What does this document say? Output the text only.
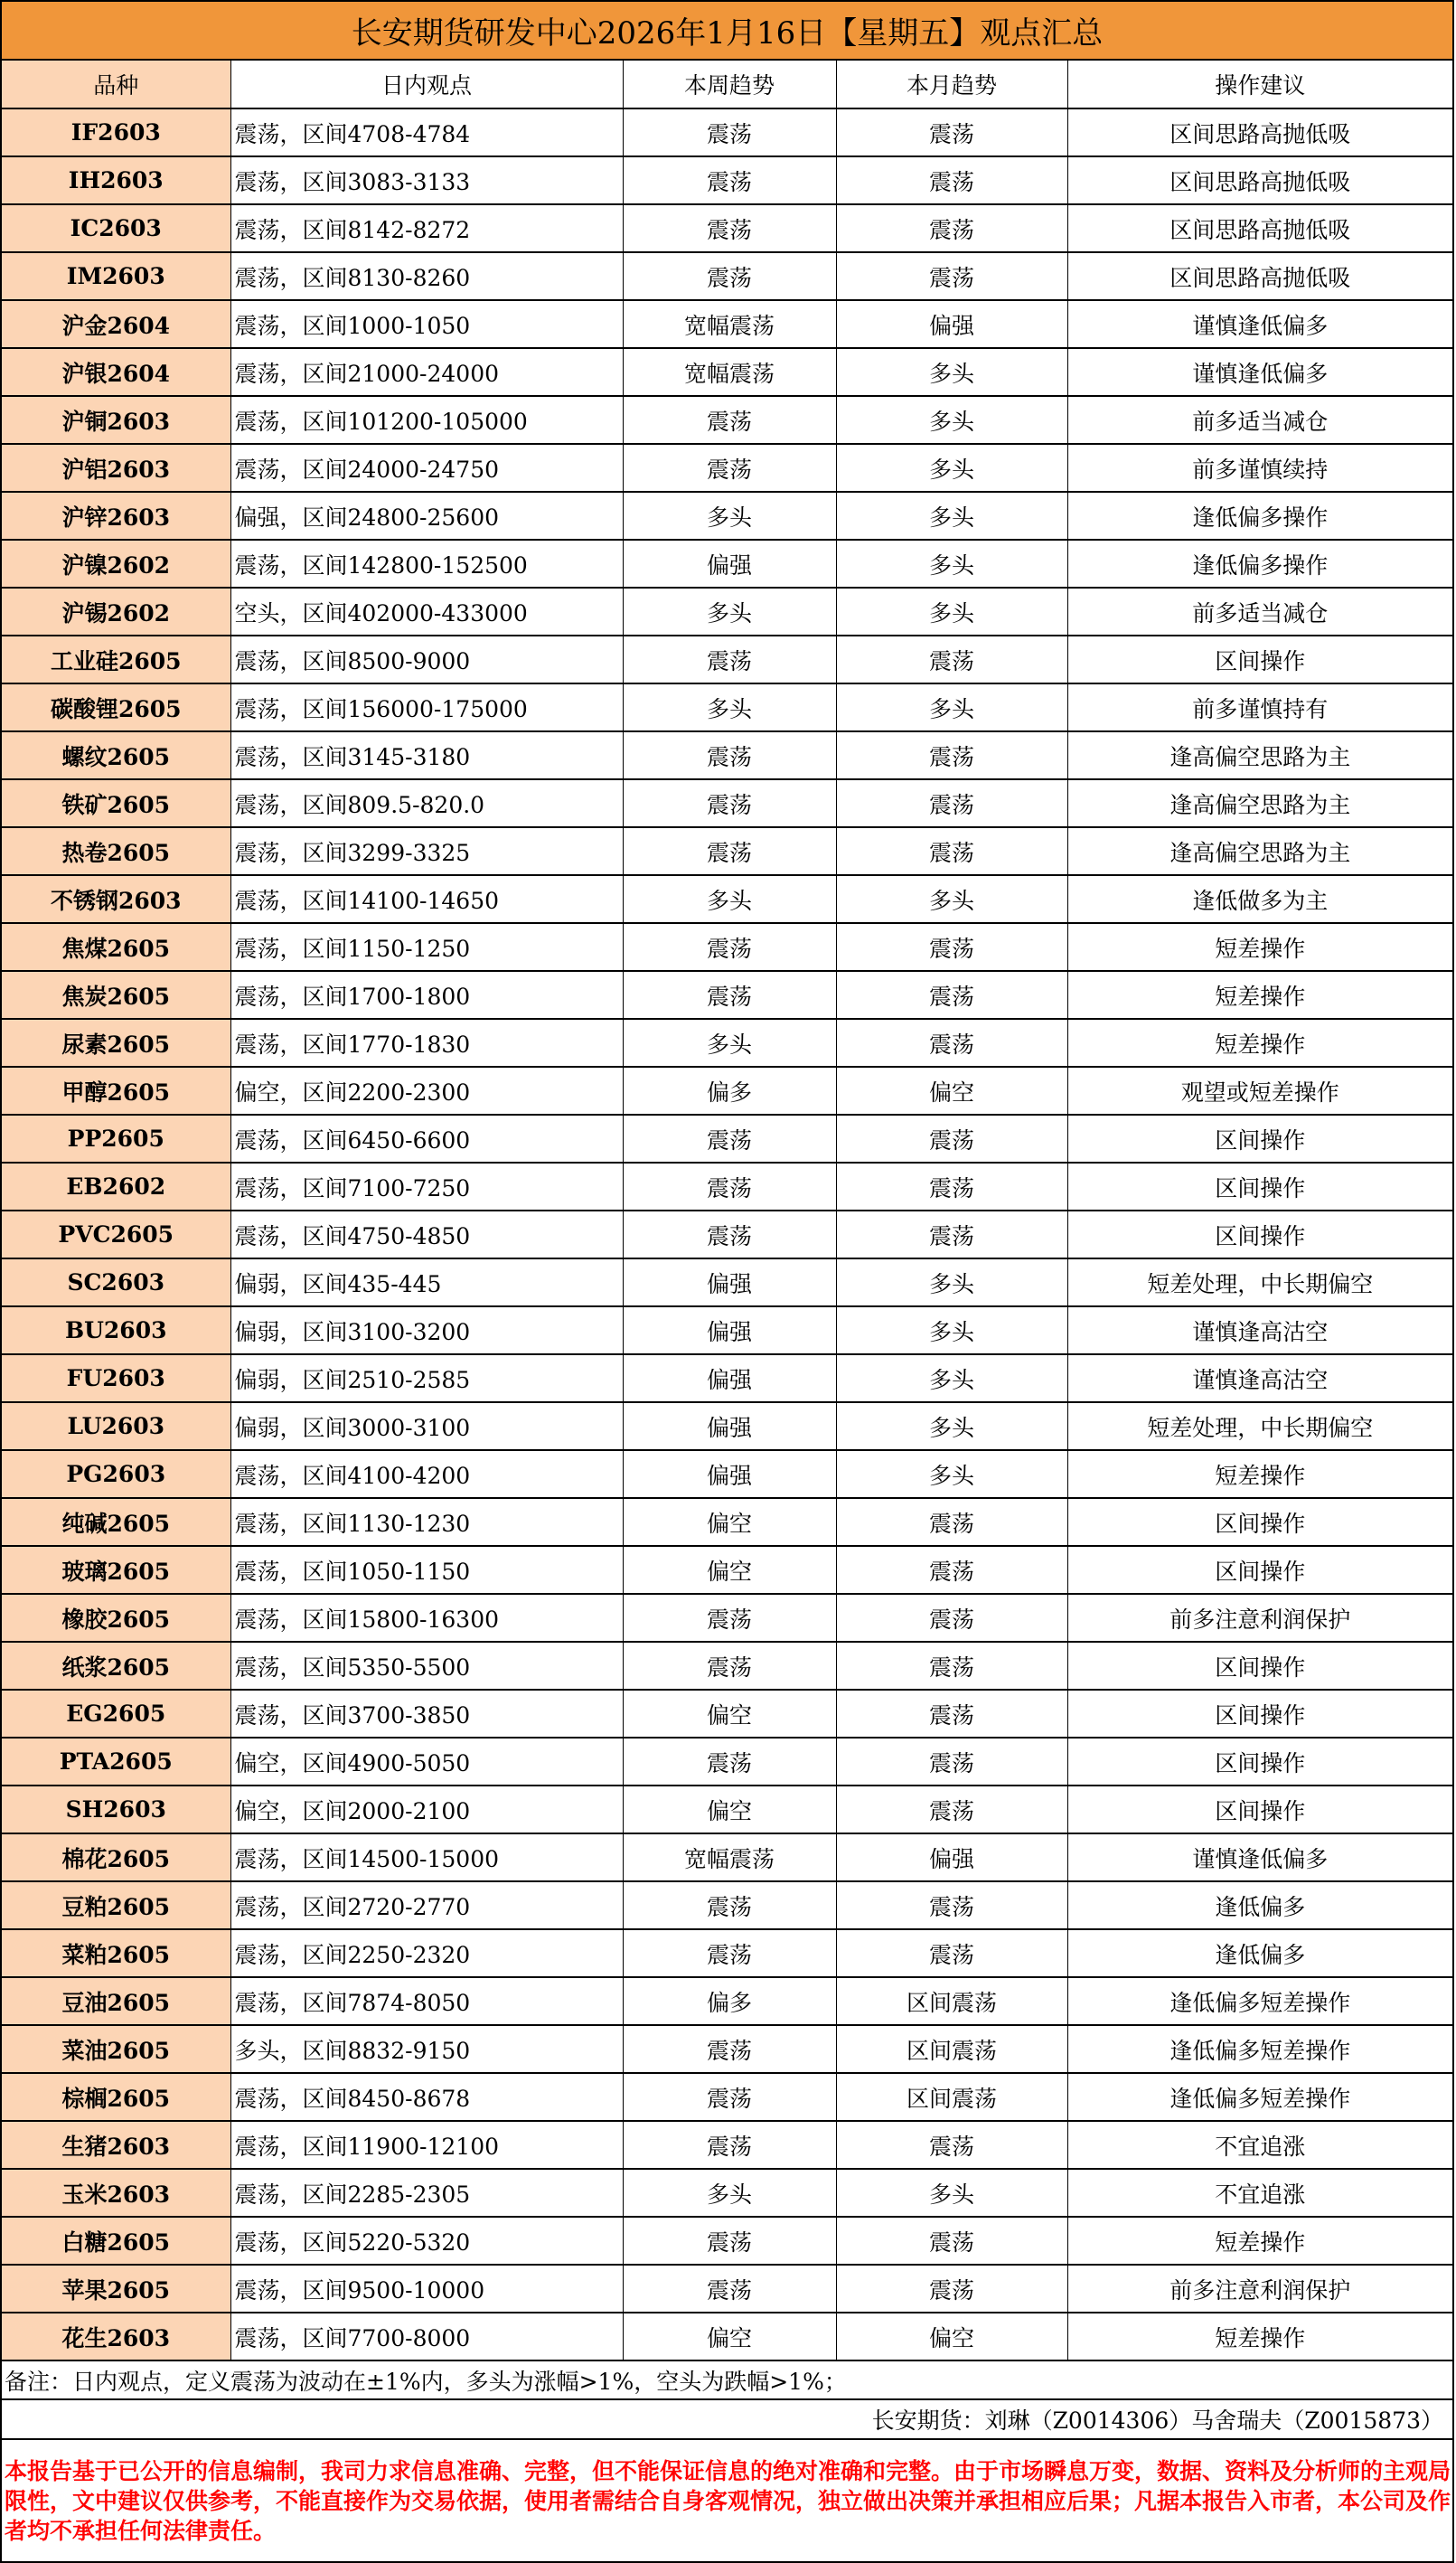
长安期货研发中心2026年1月16日【星期五】观点汇总
品种	日内观点	本周趋势	本月趋势	操作建议
IF2603	震荡，区间4708-4784	震荡	震荡	区间思路高抛低吸
IH2603	震荡，区间3083-3133	震荡	震荡	区间思路高抛低吸
IC2603	震荡，区间8142-8272	震荡	震荡	区间思路高抛低吸
IM2603	震荡，区间8130-8260	震荡	震荡	区间思路高抛低吸
沪金2604	震荡，区间1000-1050	宽幅震荡	偏强	谨慎逢低偏多
沪银2604	震荡，区间21000-24000	宽幅震荡	多头	谨慎逢低偏多
沪铜2603	震荡，区间101200-105000	震荡	多头	前多适当减仓
沪铝2603	震荡，区间24000-24750	震荡	多头	前多谨慎续持
沪锌2603	偏强，区间24800-25600	多头	多头	逢低偏多操作
沪镍2602	震荡，区间142800-152500	偏强	多头	逢低偏多操作
沪锡2602	空头，区间402000-433000	多头	多头	前多适当减仓
工业硅2605	震荡，区间8500-9000	震荡	震荡	区间操作
碳酸锂2605	震荡，区间156000-175000	多头	多头	前多谨慎持有
螺纹2605	震荡，区间3145-3180	震荡	震荡	逢高偏空思路为主
铁矿2605	震荡，区间809.5-820.0	震荡	震荡	逢高偏空思路为主
热卷2605	震荡，区间3299-3325	震荡	震荡	逢高偏空思路为主
不锈钢2603	震荡，区间14100-14650	多头	多头	逢低做多为主
焦煤2605	震荡，区间1150-1250	震荡	震荡	短差操作
焦炭2605	震荡，区间1700-1800	震荡	震荡	短差操作
尿素2605	震荡，区间1770-1830	多头	震荡	短差操作
甲醇2605	偏空，区间2200-2300	偏多	偏空	观望或短差操作
PP2605	震荡，区间6450-6600	震荡	震荡	区间操作
EB2602	震荡，区间7100-7250	震荡	震荡	区间操作
PVC2605	震荡，区间4750-4850	震荡	震荡	区间操作
SC2603	偏弱，区间435-445	偏强	多头	短差处理，中长期偏空
BU2603	偏弱，区间3100-3200	偏强	多头	谨慎逢高沽空
FU2603	偏弱，区间2510-2585	偏强	多头	谨慎逢高沽空
LU2603	偏弱，区间3000-3100	偏强	多头	短差处理，中长期偏空
PG2603	震荡，区间4100-4200	偏强	多头	短差操作
纯碱2605	震荡，区间1130-1230	偏空	震荡	区间操作
玻璃2605	震荡，区间1050-1150	偏空	震荡	区间操作
橡胶2605	震荡，区间15800-16300	震荡	震荡	前多注意利润保护
纸浆2605	震荡，区间5350-5500	震荡	震荡	区间操作
EG2605	震荡，区间3700-3850	偏空	震荡	区间操作
PTA2605	偏空，区间4900-5050	震荡	震荡	区间操作
SH2603	偏空，区间2000-2100	偏空	震荡	区间操作
棉花2605	震荡，区间14500-15000	宽幅震荡	偏强	谨慎逢低偏多
豆粕2605	震荡，区间2720-2770	震荡	震荡	逢低偏多
菜粕2605	震荡，区间2250-2320	震荡	震荡	逢低偏多
豆油2605	震荡，区间7874-8050	偏多	区间震荡	逢低偏多短差操作
菜油2605	多头，区间8832-9150	震荡	区间震荡	逢低偏多短差操作
棕榈2605	震荡，区间8450-8678	震荡	区间震荡	逢低偏多短差操作
生猪2603	震荡，区间11900-12100	震荡	震荡	不宜追涨
玉米2603	震荡，区间2285-2305	多头	多头	不宜追涨
白糖2605	震荡，区间5220-5320	震荡	震荡	短差操作
苹果2605	震荡，区间9500-10000	震荡	震荡	前多注意利润保护
花生2603	震荡，区间7700-8000	偏空	偏空	短差操作
备注：日内观点，定义震荡为波动在±1%内，多头为涨幅>1%，空头为跌幅>1%；
长安期货：刘琳（Z0014306）马舍瑞夫（Z0015873）
本报告基于已公开的信息编制，我司力求信息准确、完整，但不能保证信息的绝对准确和完整。由于市场瞬息万变，数据、资料及分析师的主观局限性，文中建议仅供参考，不能直接作为交易依据，使用者需结合自身客观情况，独立做出决策并承担相应后果；凡据本报告入市者，本公司及作者均不承担任何法律责任。
